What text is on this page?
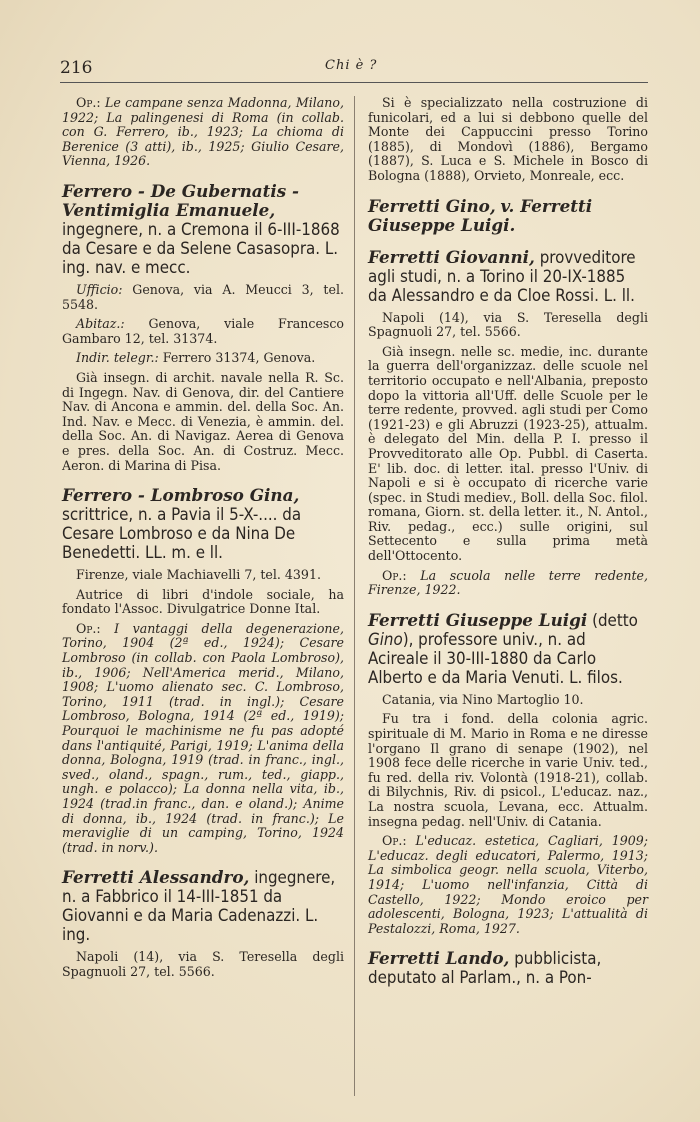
216	Chi è ?

Op.: Le campane senza Madonna, Milano, 1922; La palingenesi di Roma (in collab. con G. Ferrero, ib., 1923; La chioma di Berenice (3 atti), ib., 1925; Giulio Cesare, Vienna, 1926.

Ferrero - De Gubernatis - Ventimiglia Emanuele, ingegnere, n. a Cremona il 6-III-1868 da Cesare e da Selene Casasopra. L. ing. nav. e mecc.

Ufficio: Genova, via A. Meucci 3, tel. 5548.

Abitaz.: Genova, viale Francesco Gambaro 12, tel. 31374.

Indir. telegr.: Ferrero 31374, Genova.

Già insegn. di archit. navale nella R. Sc. di Ingegn. Nav. di Genova, dir. del Cantiere Nav. di Ancona e ammin. del. della Soc. An. Ind. Nav. e Mecc. di Venezia, è ammin. del. della Soc. An. di Navigaz. Aerea di Genova e pres. della Soc. An. di Costruz. Mecc. Aeron. di Marina di Pisa.

Ferrero - Lombroso Gina, scrittrice, n. a Pavia il 5-X-.... da Cesare Lombroso e da Nina De Benedetti. LL. m. e ll.

Firenze, viale Machiavelli 7, tel. 4391.

Autrice di libri d'indole sociale, ha fondato l'Assoc. Divulgatrice Donne Ital.

Op.: I vantaggi della degenerazione, Torino, 1904 (2ª ed., 1924); Cesare Lombroso (in collab. con Paola Lombroso), ib., 1906; Nell'America merid., Milano, 1908; L'uomo alienato sec. C. Lombroso, Torino, 1911 (trad. in ingl.); Cesare Lombroso, Bologna, 1914 (2ª ed., 1919); Pourquoi le machinisme ne fu pas adopté dans l'antiquité, Parigi, 1919; L'anima della donna, Bologna, 1919 (trad. in franc., ingl., sved., oland., spagn., rum., ted., giapp., ungh. e polacco); La donna nella vita, ib., 1924 (trad.in franc., dan. e oland.); Anime di donna, ib., 1924 (trad. in franc.); Le meraviglie di un camping, Torino, 1924 (trad. in norv.).

Ferretti Alessandro, ingegnere, n. a Fabbrico il 14-III-1851 da Giovanni e da Maria Cadenazzi. L. ing.

Napoli (14), via S. Teresella degli Spagnuoli 27, tel. 5566.

Si è specializzato nella costruzione di funicolari, ed a lui si debbono quelle del Monte dei Cappuccini presso Torino (1885), di Mondovì (1886), Bergamo (1887), S. Luca e S. Michele in Bosco di Bologna (1888), Orvieto, Monreale, ecc.

Ferretti Gino, v. Ferretti Giuseppe Luigi.
Ferretti Giovanni, provveditore agli studi, n. a Torino il 20-IX-1885 da Alessandro e da Cloe Rossi. L. ll.

Napoli (14), via S. Teresella degli Spagnuoli 27, tel. 5566.

Già insegn. nelle sc. medie, inc. durante la guerra dell'organizzaz. delle scuole nel territorio occupato e nell'Albania, preposto dopo la vittoria all'Uff. delle Scuole per le terre redente, provved. agli studi per Como (1921-23) e gli Abruzzi (1923-25), attualm. è delegato del Min. della P. I. presso il Provveditorato alle Op. Pubbl. di Caserta. E' lib. doc. di letter. ital. presso l'Univ. di Napoli e si è occupato di ricerche varie (spec. in Studi mediev., Boll. della Soc. filol. romana, Giorn. st. della letter. it., N. Antol., Riv. pedag., ecc.) sulle origini, sul Settecento e sulla prima metà dell'Ottocento.

Op.: La scuola nelle terre redente, Firenze, 1922.

Ferretti Giuseppe Luigi (detto Gino), professore univ., n. ad Acireale il 30-III-1880 da Carlo Alberto e da Maria Venuti. L. filos.

Catania, via Nino Martoglio 10.

Fu tra i fond. della colonia agric. spirituale di M. Mario in Roma e ne diresse l'organo Il grano di senape (1902), nel 1908 fece delle ricerche in varie Univ. ted., fu red. della riv. Volontà (1918-21), collab. di Bilychnis, Riv. di psicol., L'educaz. naz., La nostra scuola, Levana, ecc. Attualm. insegna pedag. nell'Univ. di Catania.

Op.: L'educaz. estetica, Cagliari, 1909; L'educaz. degli educatori, Palermo, 1913; La simbolica geogr. nella scuola, Viterbo, 1914; L'uomo nell'infanzia, Città di Castello, 1922; Mondo eroico per adolescenti, Bologna, 1923; L'attualità di Pestalozzi, Roma, 1927.

Ferretti Lando, pubblicista, deputato al Parlam., n. a Pon-
